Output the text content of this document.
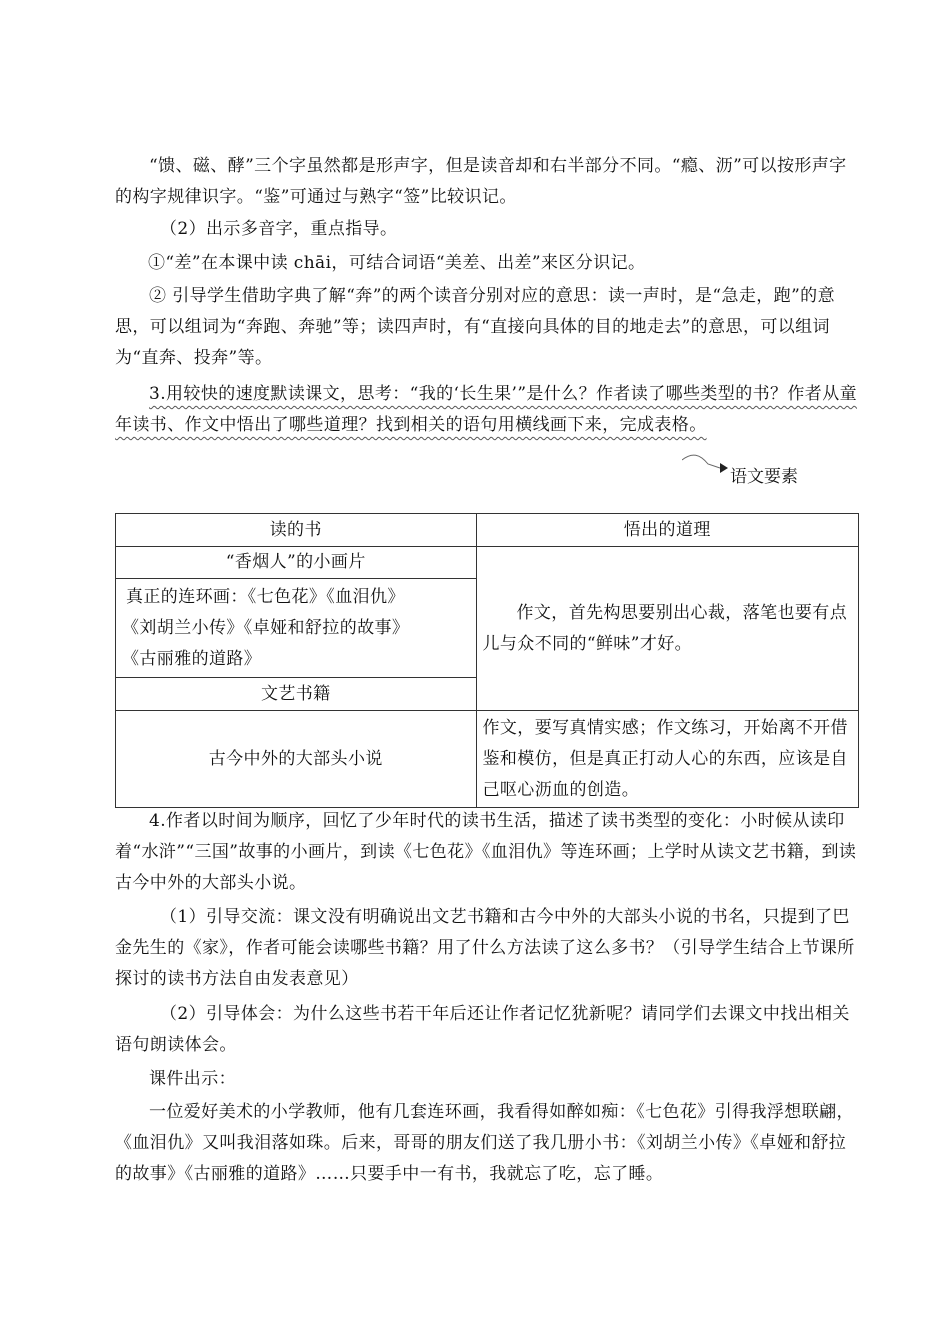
“馈、磁、酵”三个字虽然都是形声字，但是读音却和右半部分不同。“瘾、沥”可以按形声字的构字规律识字。“鉴”可通过与熟字“签”比较识记。

（2）出示多音字，重点指导。

①“差”在本课中读 chāi，可结合词语“美差、出差”来区分识记。

② 引导学生借助字典了解“奔”的两个读音分别对应的意思：读一声时，是“急走，跑”的意思，可以组词为“奔跑、奔驰”等；读四声时，有“直接向具体的目的地走去”的意思，可以组词为“直奔、投奔”等。

3.用较快的速度默读课文，思考：“我的‘长生果’”是什么？作者读了哪些类型的书？作者从童年读书、作文中悟出了哪些道理？找到相关的语句用横线画下来，完成表格。

语文要素
读的书	悟出的道理
“香烟人”的小画片	作文，首先构思要别出心裁，落笔也要有点儿与众不同的“鲜味”才好。

真正的连环画：《七色花》《血泪仇》
《刘胡兰小传》《卓娅和舒拉的故事》
《古丽雅的道路》	

文艺书籍	
古今中外的大部头小说	作文，要写真情实感；作文练习，开始离不开借鉴和模仿，但是真正打动人心的东西，应该是自己呕心沥血的创造。

4.作者以时间为顺序，回忆了少年时代的读书生活，描述了读书类型的变化：小时候从读印着“水浒”“三国”故事的小画片，到读《七色花》《血泪仇》等连环画；上学时从读文艺书籍，到读古今中外的大部头小说。

（1）引导交流：课文没有明确说出文艺书籍和古今中外的大部头小说的书名，只提到了巴金先生的《家》，作者可能会读哪些书籍？用了什么方法读了这么多书？（引导学生结合上节课所探讨的读书方法自由发表意见）

（2）引导体会：为什么这些书若干年后还让作者记忆犹新呢？请同学们去课文中找出相关语句朗读体会。

课件出示：

一位爱好美术的小学教师，他有几套连环画，我看得如醉如痴：《七色花》引得我浮想联翩，《血泪仇》又叫我泪落如珠。后来，哥哥的朋友们送了我几册小书：《刘胡兰小传》《卓娅和舒拉的故事》《古丽雅的道路》……只要手中一有书，我就忘了吃，忘了睡。
